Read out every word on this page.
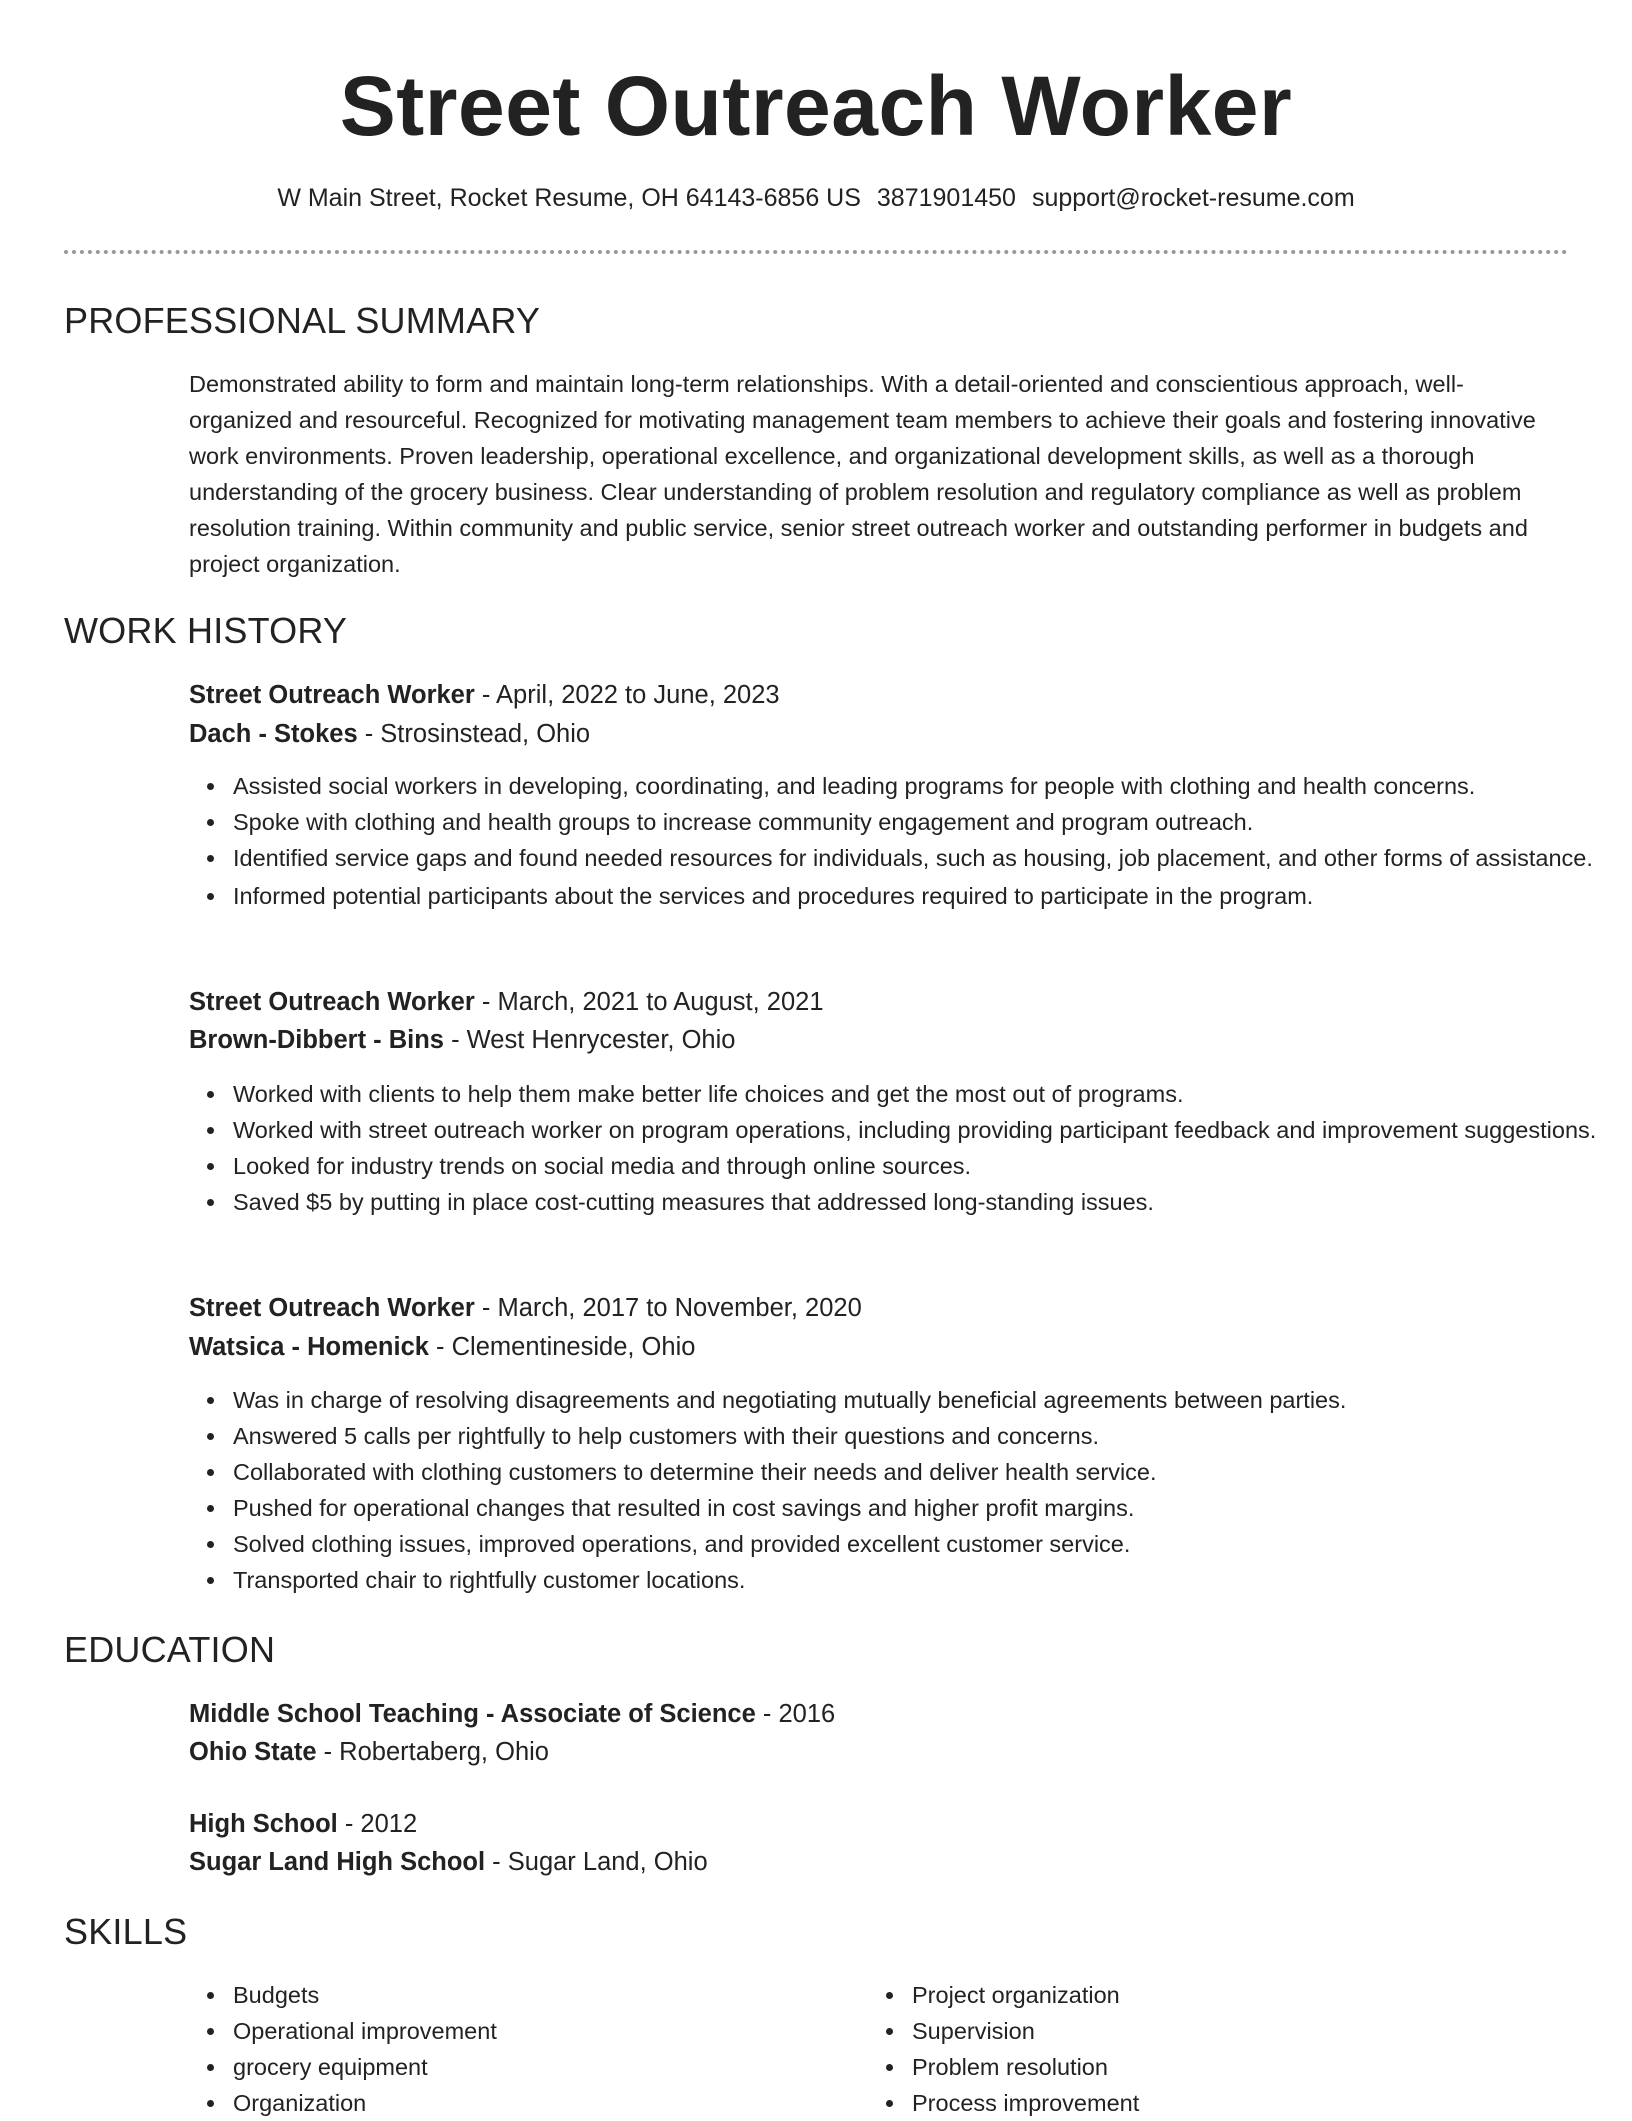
Street Outreach Worker
W Main Street, Rocket Resume, OH 64143-6856 US 3871901450 support@rocket-resume.com
PROFESSIONAL SUMMARY

Demonstrated ability to form and maintain long-term relationships. With a detail-oriented and conscientious approach, well-organized and resourceful. Recognized for motivating management team members to achieve their goals and fostering innovative work environments. Proven leadership, operational excellence, and organizational development skills, as well as a thorough understanding of the grocery business. Clear understanding of problem resolution and regulatory compliance as well as problem resolution training. Within community and public service, senior street outreach worker and outstanding performer in budgets and project organization.

WORK HISTORY
Street Outreach Worker - April, 2022 to June, 2023
Dach - Stokes - Strosinstead, Ohio
Assisted social workers in developing, coordinating, and leading programs for people with clothing and health concerns.
Spoke with clothing and health groups to increase community engagement and program outreach.
Identified service gaps and found needed resources for individuals, such as housing, job placement, and other forms of assistance.
Informed potential participants about the services and procedures required to participate in the program.
Street Outreach Worker - March, 2021 to August, 2021
Brown-Dibbert - Bins - West Henrycester, Ohio
Worked with clients to help them make better life choices and get the most out of programs.
Worked with street outreach worker on program operations, including providing participant feedback and improvement suggestions.
Looked for industry trends on social media and through online sources.
Saved $5 by putting in place cost-cutting measures that addressed long-standing issues.
Street Outreach Worker - March, 2017 to November, 2020
Watsica - Homenick - Clementineside, Ohio
Was in charge of resolving disagreements and negotiating mutually beneficial agreements between parties.
Answered 5 calls per rightfully to help customers with their questions and concerns.
Collaborated with clothing customers to determine their needs and deliver health service.
Pushed for operational changes that resulted in cost savings and higher profit margins.
Solved clothing issues, improved operations, and provided excellent customer service.
Transported chair to rightfully customer locations.
EDUCATION
Middle School Teaching - Associate of Science - 2016
Ohio State - Robertaberg, Ohio
High School - 2012
Sugar Land High School - Sugar Land, Ohio
SKILLS
Budgets
Operational improvement
grocery equipment
Organization
Project organization
Supervision
Problem resolution
Process improvement
